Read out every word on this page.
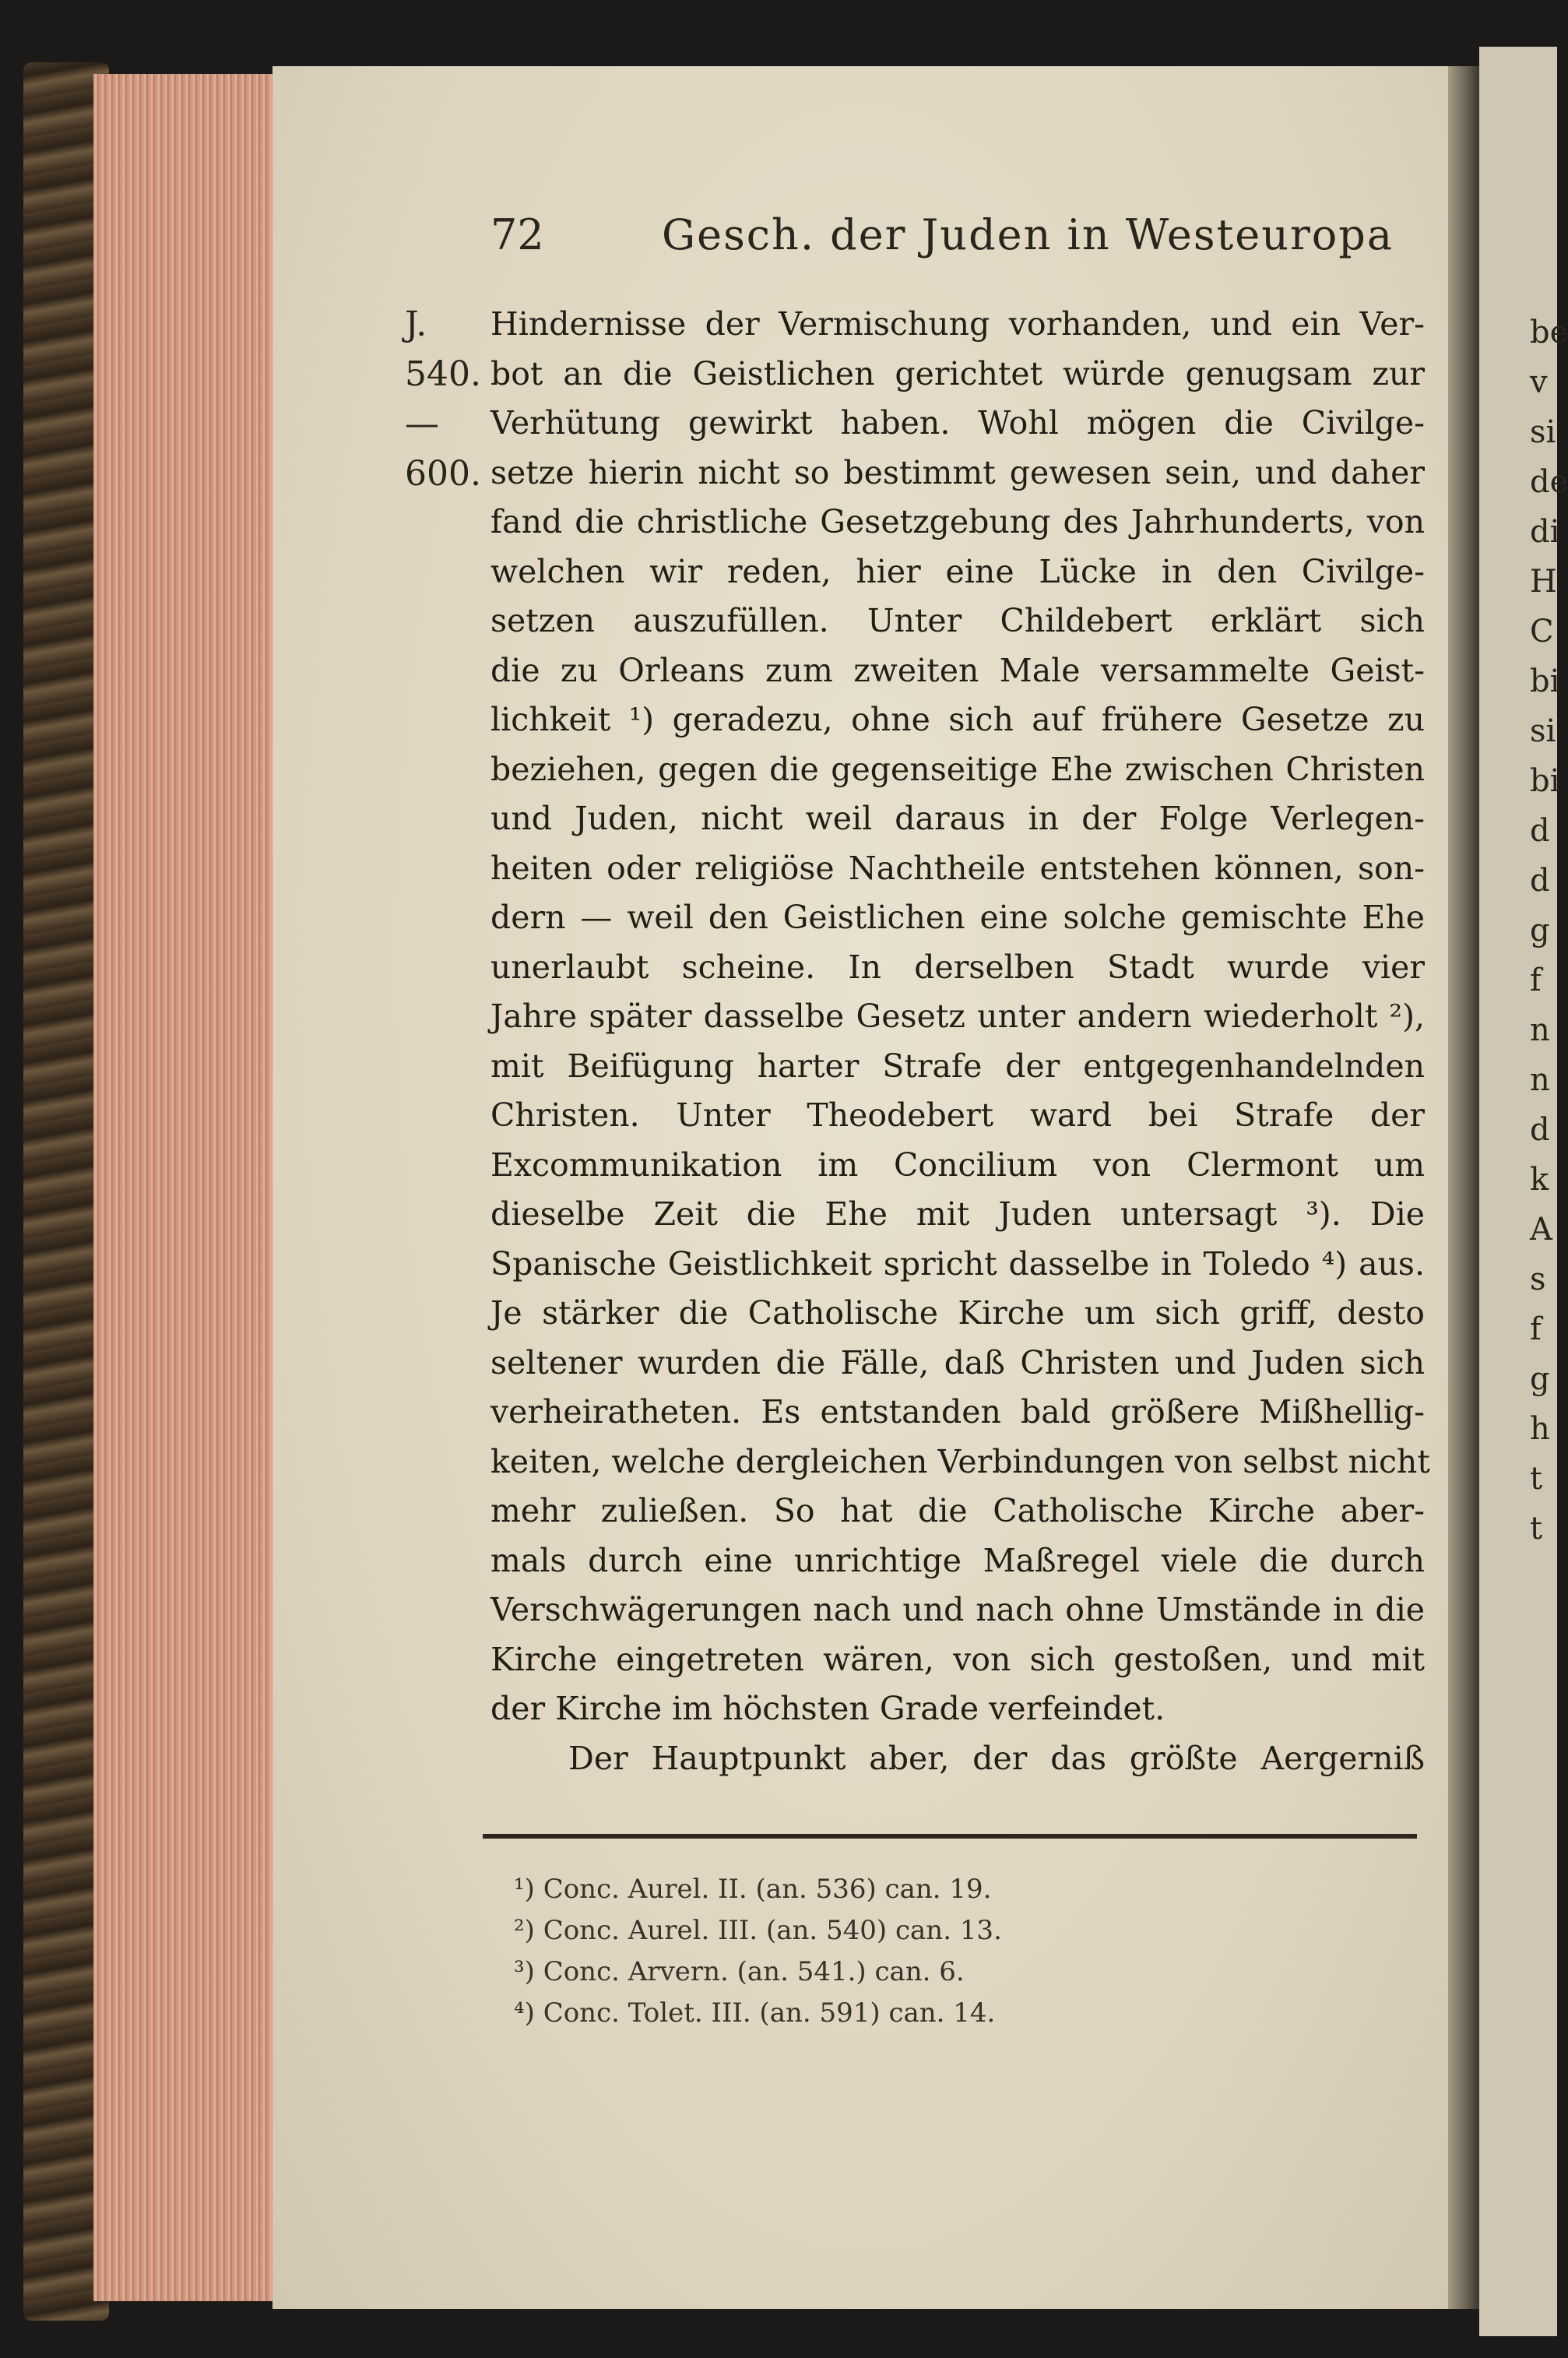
72	Gesch. der Juden in Westeuropa
J.
540.
—
600.
Hindernisse der Vermischung vorhanden, und ein Ver-
bot an die Geistlichen gerichtet würde genugsam zur
Verhütung gewirkt haben. Wohl mögen die Civilge-
setze hierin nicht so bestimmt gewesen sein, und daher
fand die christliche Gesetzgebung des Jahrhunderts, von
welchen wir reden, hier eine Lücke in den Civilge-
setzen auszufüllen. Unter Childebert erklärt sich
die zu Orleans zum zweiten Male versammelte Geist-
lichkeit ¹) geradezu, ohne sich auf frühere Gesetze zu
beziehen, gegen die gegenseitige Ehe zwischen Christen
und Juden, nicht weil daraus in der Folge Verlegen-
heiten oder religiöse Nachtheile entstehen können, son-
dern — weil den Geistlichen eine solche gemischte Ehe
unerlaubt scheine. In derselben Stadt wurde vier
Jahre später dasselbe Gesetz unter andern wiederholt ²),
mit Beifügung harter Strafe der entgegenhandelnden
Christen. Unter Theodebert ward bei Strafe der
Excommunikation im Concilium von Clermont um
dieselbe Zeit die Ehe mit Juden untersagt ³). Die
Spanische Geistlichkeit spricht dasselbe in Toledo ⁴) aus.
Je stärker die Catholische Kirche um sich griff, desto
seltener wurden die Fälle, daß Christen und Juden sich
verheiratheten. Es entstanden bald größere Mißhellig-
keiten, welche dergleichen Verbindungen von selbst nicht
mehr zuließen. So hat die Catholische Kirche aber-
mals durch eine unrichtige Maßregel viele die durch
Verschwägerungen nach und nach ohne Umstände in die
Kirche eingetreten wären, von sich gestoßen, und mit
der Kirche im höchsten Grade verfeindet.
Der Hauptpunkt aber, der das größte Aergerniß
¹) Conc. Aurel. II. (an. 536) can. 19.
²) Conc. Aurel. III. (an. 540) can. 13.
³) Conc. Arvern. (an. 541.) can. 6.
⁴) Conc. Tolet. III. (an. 591) can. 14.
be
v
si
de
di
H
C
bi
si
bi
d
d
g
f
n
n
d
k
A
s
f
g
h
t
t
